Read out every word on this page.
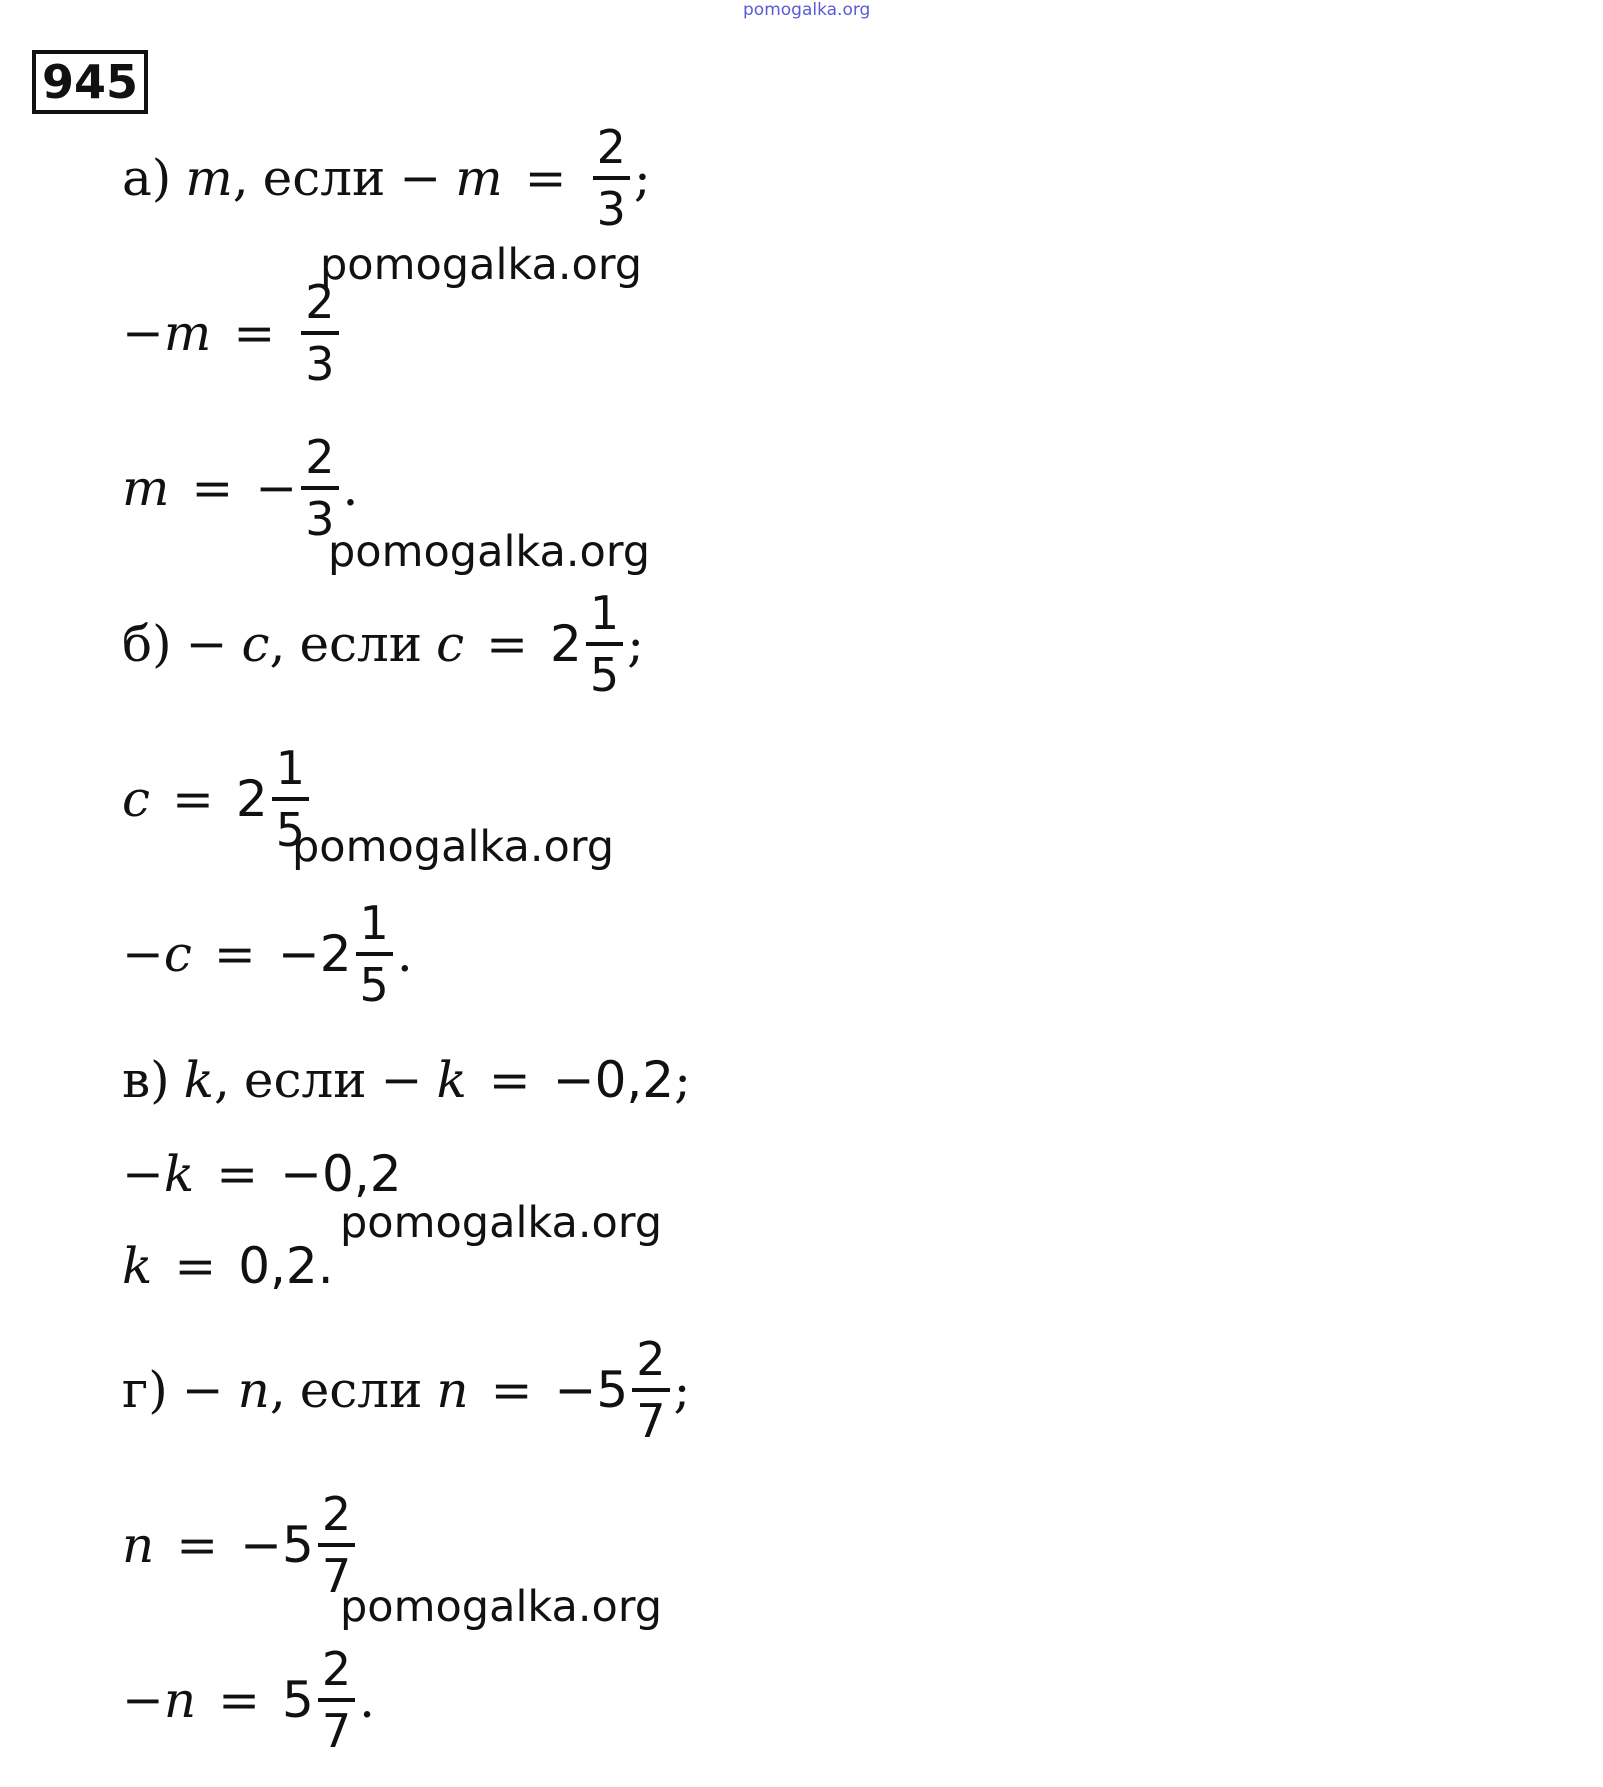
pomogalka.org
945
а) m , если − $m = \frac{2}{3}$ ;
$-m = \frac{2}{3}$
m = − $\frac{2}{3}$ .
б) − c , если $c = 2 \frac{1}{5}$ ;
$c = 2 \frac{1}{5}$
$-c = -2 \frac{1}{5}$ .
в) k , если − k = −0,2 ;
−k = −0,2
k = 0,2.
г) − n , если $n = -5 \frac{2}{7}$ ;
$n = -5 \frac{2}{7}$
$-n = 5 \frac{2}{7}$ .
pomogalka.org
pomogalka.org
pomogalka.org
pomogalka.org
pomogalka.org
